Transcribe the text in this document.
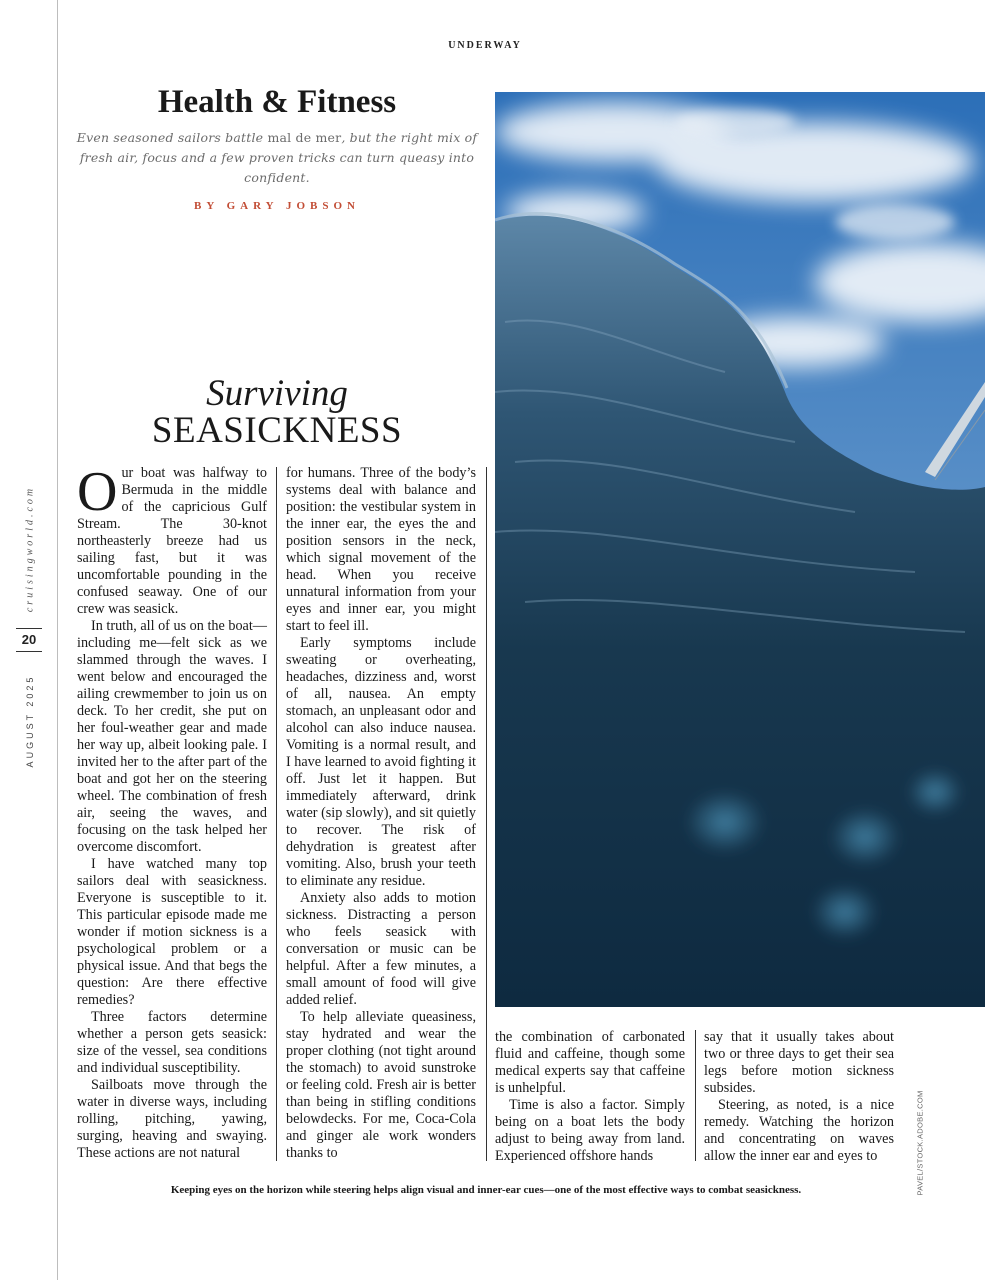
cruisingworld.com
20
AUGUST 2025
UNDERWAY
Health & Fitness
Even seasoned sailors battle mal de mer, but the right mix of fresh air, focus and a few proven tricks can turn queasy into confident.
BY GARY JOBSON
Surviving
SEASICKNESS

Our boat was halfway to Bermuda in the middle of the capricious Gulf Stream. The 30-knot northeasterly breeze had us sailing fast, but it was uncomfortable pounding in the confused seaway. One of our crew was seasick.

In truth, all of us on the boat—including me—felt sick as we slammed through the waves. I went below and encouraged the ailing crewmember to join us on deck. To her credit, she put on her foul-weather gear and made her way up, albeit looking pale. I invited her to the after part of the boat and got her on the steering wheel. The combination of fresh air, seeing the waves, and focusing on the task helped her overcome discomfort.

I have watched many top sailors deal with seasickness. Everyone is susceptible to it. This particular episode made me wonder if motion sickness is a psychological problem or a physical issue. And that begs the question: Are there effective remedies?

Three factors determine whether a person gets seasick: size of the vessel, sea conditions and individual susceptibility.

Sailboats move through the water in diverse ways, including rolling, pitching, yawing, surging, heaving and swaying. These actions are not natural

for humans. Three of the body’s systems deal with balance and position: the vestibular system in the inner ear, the eyes the and position sensors in the neck, which signal movement of the head. When you receive unnatural information from your eyes and inner ear, you might start to feel ill.

Early symptoms include sweating or overheating, headaches, dizziness and, worst of all, nausea. An empty stomach, an unpleasant odor and alcohol can also induce nausea. Vomiting is a normal result, and I have learned to avoid fighting it off. Just let it happen. But immediately afterward, drink water (sip slowly), and sit quietly to recover. The risk of dehydration is greatest after vomiting. Also, brush your teeth to eliminate any residue.

Anxiety also adds to motion sickness. Distracting a person who feels seasick with conversation or music can be helpful. After a few minutes, a small amount of food will give added relief.

To help alleviate queasiness, stay hydrated and wear the proper clothing (not tight around the stomach) to avoid sunstroke or feeling cold. Fresh air is better than being in stifling conditions belowdecks. For me, Coca-Cola and ginger ale work wonders thanks to

the combination of carbonated fluid and caffeine, though some medical experts say that caffeine is unhelpful.

Time is also a factor. Simply being on a boat lets the body adjust to being away from land. Experienced offshore hands

say that it usually takes about two or three days to get their sea legs before motion sickness subsides.

Steering, as noted, is a nice remedy. Watching the horizon and concentrating on waves allow the inner ear and eyes to	PAVEL/STOCK.ADOBE.COM
Keeping eyes on the horizon while steering helps align visual and inner-ear cues—one of the most effective ways to combat seasickness.
